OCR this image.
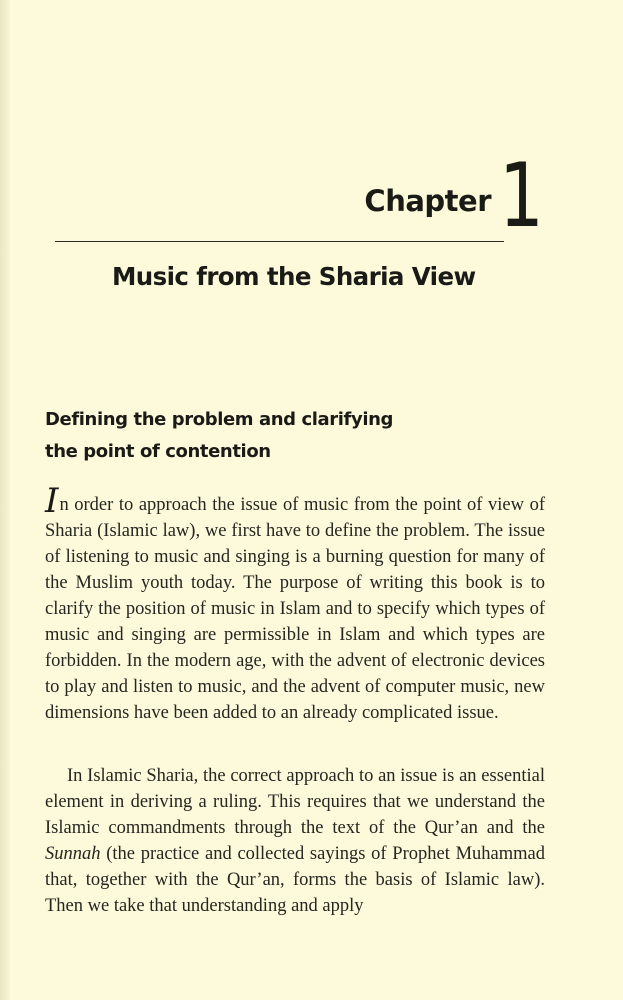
Chapter 1
Music from the Sharia View
Defining the problem and clarifying
the point of contention
In order to approach the issue of music from the point of view of Sharia (Islamic law), we first have to define the problem. The issue of listening to music and singing is a burning question for many of the Muslim youth today. The purpose of writing this book is to clarify the position of music in Islam and to specify which types of music and singing are permissible in Islam and which types are forbidden. In the modern age, with the advent of electronic devices to play and listen to music, and the advent of computer music, new dimensions have been added to an already complicated issue.
In Islamic Sharia, the correct approach to an issue is an essential element in deriving a ruling. This requires that we understand the Islamic commandments through the text of the Qur’an and the Sunnah (the practice and collected sayings of Prophet Muhammad that, together with the Qur’an, forms the basis of Islamic law). Then we take that understanding and apply
